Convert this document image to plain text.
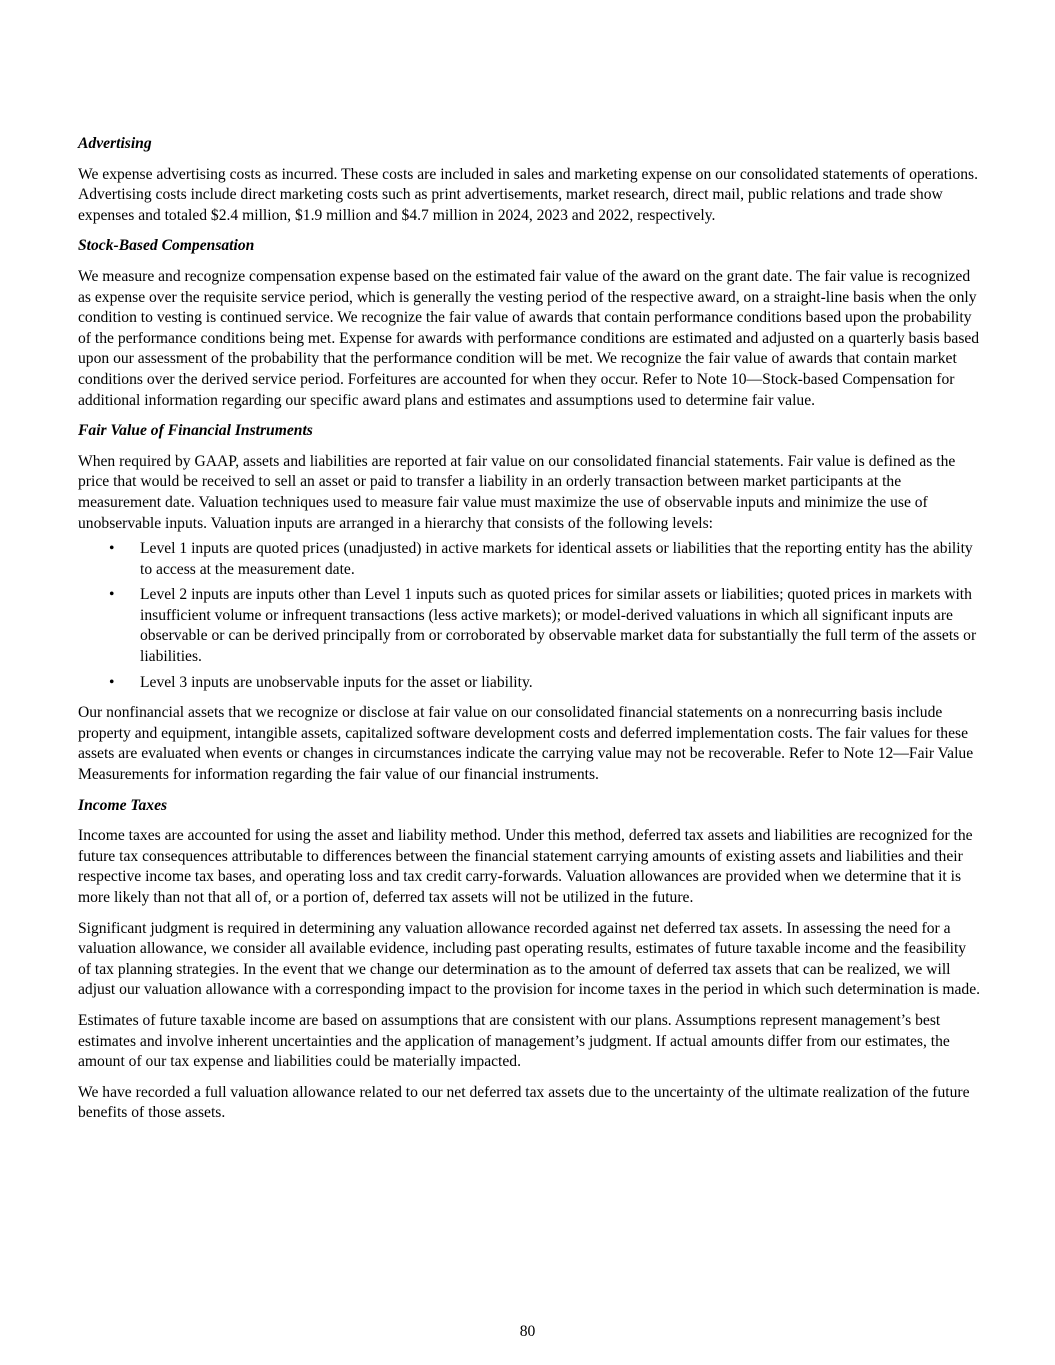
Advertising

We expense advertising costs as incurred. These costs are included in sales and marketing expense on our consolidated statements of operations. Advertising costs include direct marketing costs such as print advertisements, market research, direct mail, public relations and trade show expenses and totaled $2.4 million, $1.9 million and $4.7 million in 2024, 2023 and 2022, respectively.

Stock-Based Compensation

We measure and recognize compensation expense based on the estimated fair value of the award on the grant date. The fair value is recognized as expense over the requisite service period, which is generally the vesting period of the respective award, on a straight-line basis when the only condition to vesting is continued service. We recognize the fair value of awards that contain performance conditions based upon the probability of the performance conditions being met. Expense for awards with performance conditions are estimated and adjusted on a quarterly basis based upon our assessment of the probability that the performance condition will be met. We recognize the fair value of awards that contain market conditions over the derived service period. Forfeitures are accounted for when they occur. Refer to Note 10—Stock-based Compensation for additional information regarding our specific award plans and estimates and assumptions used to determine fair value.

Fair Value of Financial Instruments

When required by GAAP, assets and liabilities are reported at fair value on our consolidated financial statements. Fair value is defined as the price that would be received to sell an asset or paid to transfer a liability in an orderly transaction between market participants at the measurement date. Valuation techniques used to measure fair value must maximize the use of observable inputs and minimize the use of unobservable inputs. Valuation inputs are arranged in a hierarchy that consists of the following levels:

• Level 1 inputs are quoted prices (unadjusted) in active markets for identical assets or liabilities that the reporting entity has the ability to access at the measurement date.
• Level 2 inputs are inputs other than Level 1 inputs such as quoted prices for similar assets or liabilities; quoted prices in markets with insufficient volume or infrequent transactions (less active markets); or model-derived valuations in which all significant inputs are observable or can be derived principally from or corroborated by observable market data for substantially the full term of the assets or liabilities.
• Level 3 inputs are unobservable inputs for the asset or liability.

Our nonfinancial assets that we recognize or disclose at fair value on our consolidated financial statements on a nonrecurring basis include property and equipment, intangible assets, capitalized software development costs and deferred implementation costs. The fair values for these assets are evaluated when events or changes in circumstances indicate the carrying value may not be recoverable. Refer to Note 12—Fair Value Measurements for information regarding the fair value of our financial instruments.

Income Taxes

Income taxes are accounted for using the asset and liability method. Under this method, deferred tax assets and liabilities are recognized for the future tax consequences attributable to differences between the financial statement carrying amounts of existing assets and liabilities and their respective income tax bases, and operating loss and tax credit carry-forwards. Valuation allowances are provided when we determine that it is more likely than not that all of, or a portion of, deferred tax assets will not be utilized in the future.

Significant judgment is required in determining any valuation allowance recorded against net deferred tax assets. In assessing the need for a valuation allowance, we consider all available evidence, including past operating results, estimates of future taxable income and the feasibility of tax planning strategies. In the event that we change our determination as to the amount of deferred tax assets that can be realized, we will adjust our valuation allowance with a corresponding impact to the provision for income taxes in the period in which such determination is made.

Estimates of future taxable income are based on assumptions that are consistent with our plans. Assumptions represent management’s best estimates and involve inherent uncertainties and the application of management’s judgment. If actual amounts differ from our estimates, the amount of our tax expense and liabilities could be materially impacted.

We have recorded a full valuation allowance related to our net deferred tax assets due to the uncertainty of the ultimate realization of the future benefits of those assets.

80
